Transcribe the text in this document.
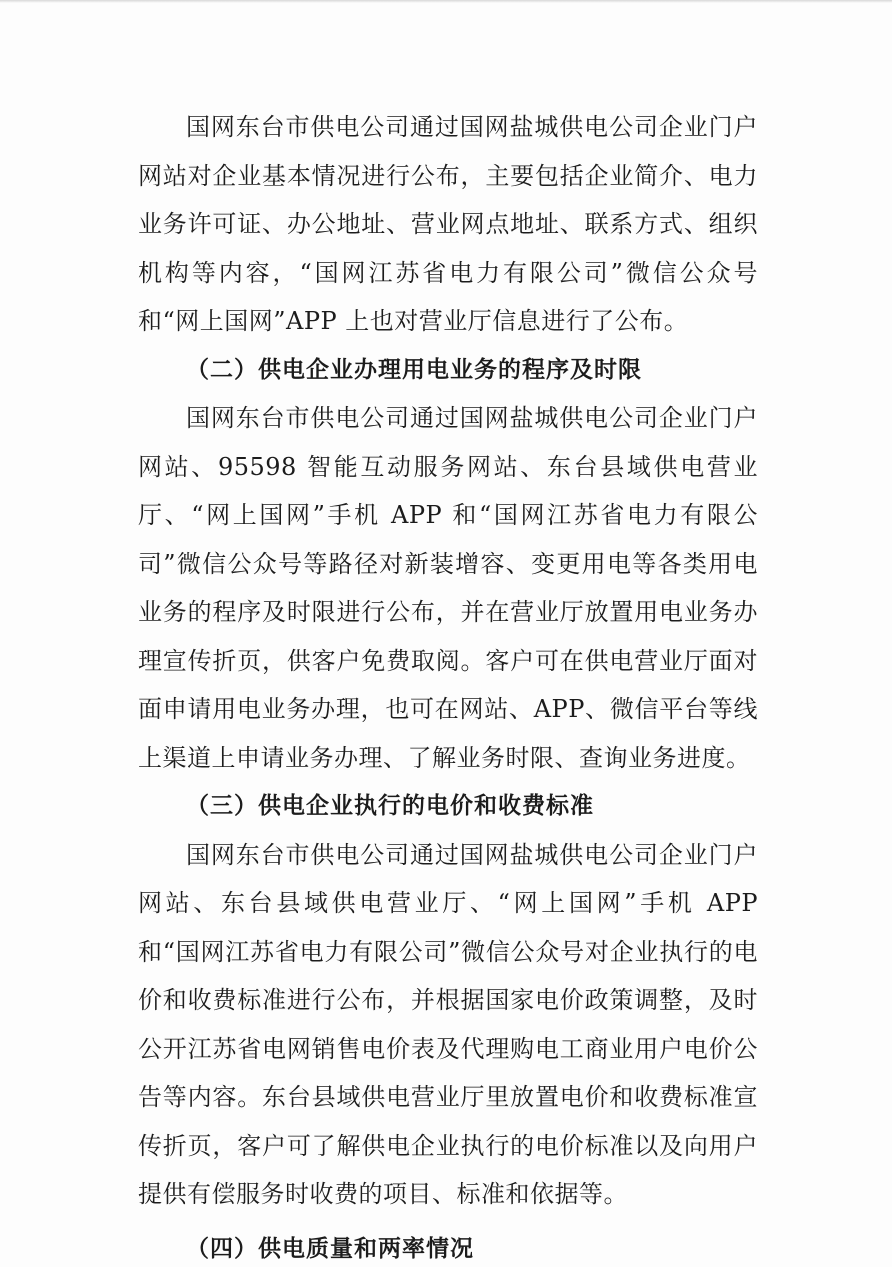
国网东台市供电公司通过国网盐城供电公司企业门户网站对企业基本情况进行公布，主要包括企业简介、电力业务许可证、办公地址、营业网点地址、联系方式、组织机构等内容，“国网江苏省电力有限公司”微信公众号和“网上国网”APP 上也对营业厅信息进行了公布。

（二）供电企业办理用电业务的程序及时限

国网东台市供电公司通过国网盐城供电公司企业门户网站、95598 智能互动服务网站、东台县域供电营业厅、“网上国网”手机 APP 和“国网江苏省电力有限公司”微信公众号等路径对新装增容、变更用电等各类用电业务的程序及时限进行公布，并在营业厅放置用电业务办理宣传折页，供客户免费取阅。客户可在供电营业厅面对面申请用电业务办理，也可在网站、APP、微信平台等线上渠道上申请业务办理、了解业务时限、查询业务进度。

（三）供电企业执行的电价和收费标准

国网东台市供电公司通过国网盐城供电公司企业门户网站、东台县域供电营业厅、“网上国网”手机 APP 和“国网江苏省电力有限公司”微信公众号对企业执行的电价和收费标准进行公布，并根据国家电价政策调整，及时公开江苏省电网销售电价表及代理购电工商业用户电价公告等内容。东台县域供电营业厅里放置电价和收费标准宣传折页，客户可了解供电企业执行的电价标准以及向用户提供有偿服务时收费的项目、标准和依据等。

（四）供电质量和两率情况
